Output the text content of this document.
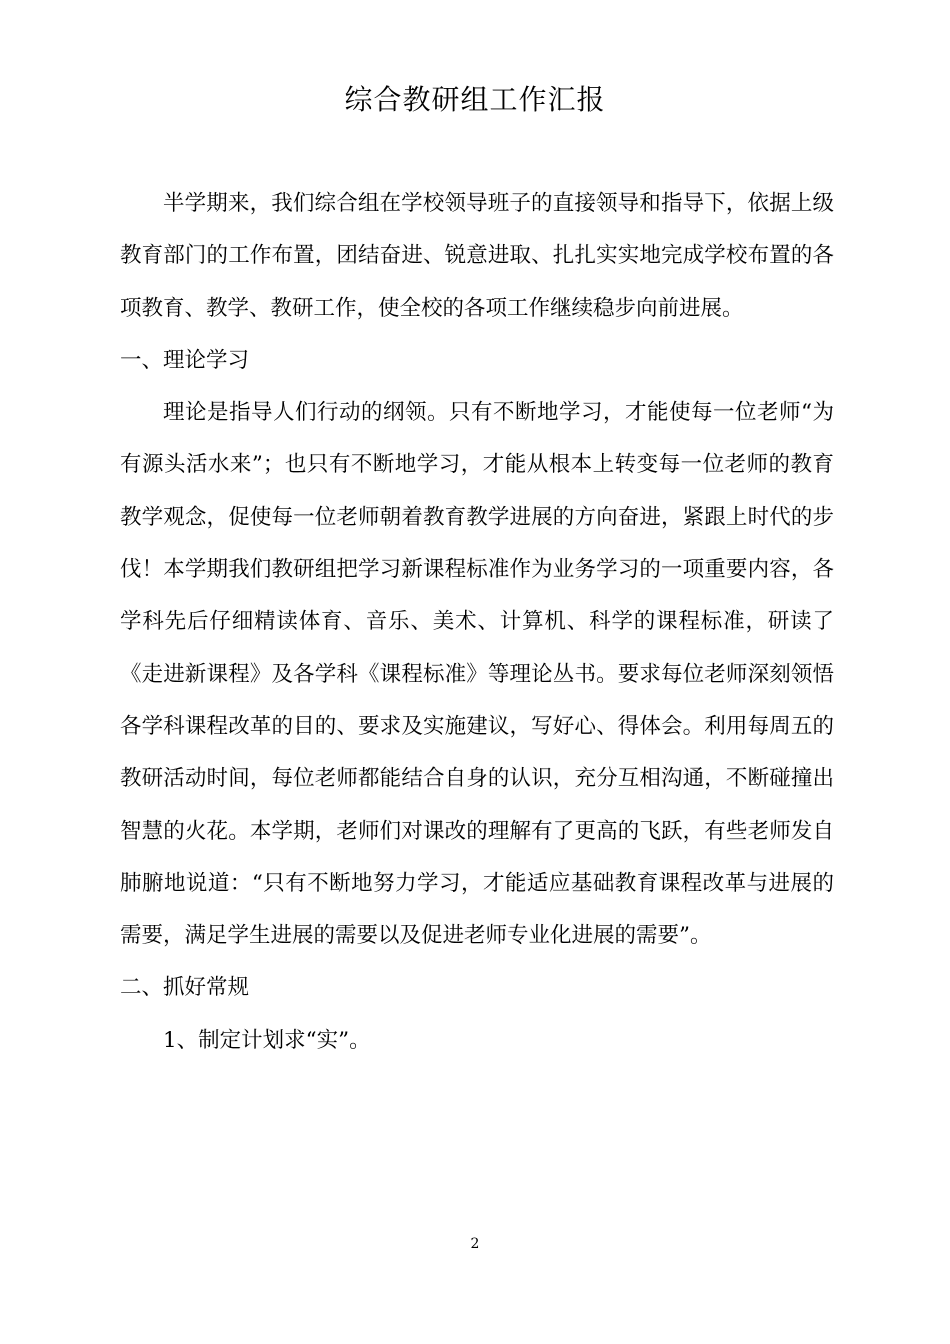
综合教研组工作汇报

半学期来，我们综合组在学校领导班子的直接领导和指导下，依据上级教育部门的工作布置，团结奋进、锐意进取、扎扎实实地完成学校布置的各项教育、教学、教研工作，使全校的各项工作继续稳步向前进展。

一、理论学习

理论是指导人们行动的纲领。只有不断地学习，才能使每一位老师“为有源头活水来”；也只有不断地学习，才能从根本上转变每一位老师的教育教学观念，促使每一位老师朝着教育教学进展的方向奋进，紧跟上时代的步伐！本学期我们教研组把学习新课程标准作为业务学习的一项重要内容，各学科先后仔细精读体育、音乐、美术、计算机、科学的课程标准，研读了《走进新课程》及各学科《课程标准》等理论丛书。要求每位老师深刻领悟各学科课程改革的目的、要求及实施建议，写好心、得体会。利用每周五的教研活动时间，每位老师都能结合自身的认识，充分互相沟通，不断碰撞出智慧的火花。本学期，老师们对课改的理解有了更高的飞跃，有些老师发自肺腑地说道：“只有不断地努力学习，才能适应基础教育课程改革与进展的需要，满足学生进展的需要以及促进老师专业化进展的需要”。

二、抓好常规

1、制定计划求“实”。

2
